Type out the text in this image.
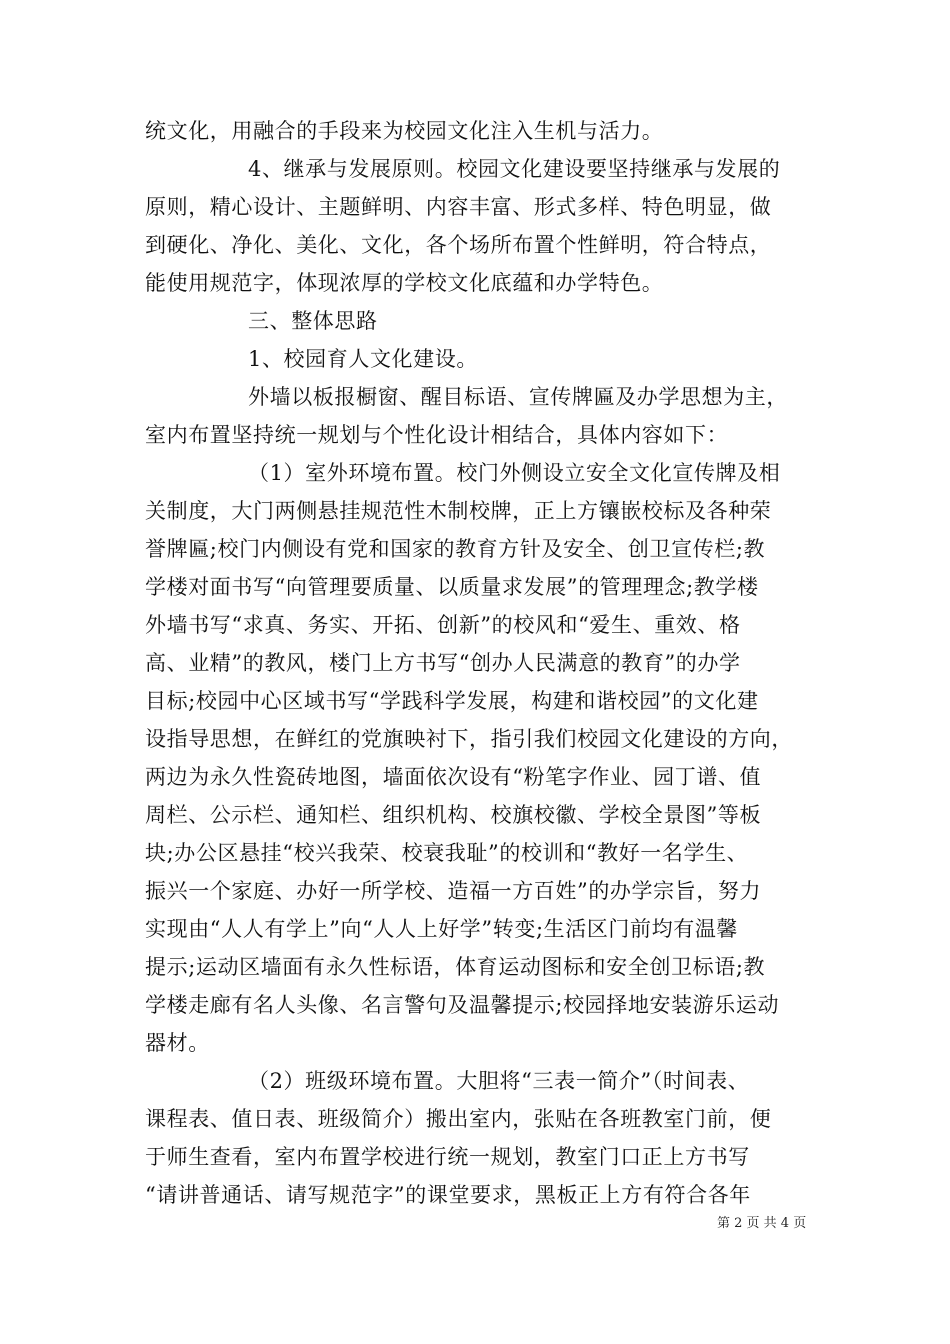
统文化，用融合的手段来为校园文化注入生机与活力。
4、继承与发展原则。校园文化建设要坚持继承与发展的
原则，精心设计、主题鲜明、内容丰富、形式多样、特色明显，做
到硬化、净化、美化、文化，各个场所布置个性鲜明，符合特点，
能使用规范字，体现浓厚的学校文化底蕴和办学特色。
三、整体思路
1、校园育人文化建设。
外墙以板报橱窗、醒目标语、宣传牌匾及办学思想为主，
室内布置坚持统一规划与个性化设计相结合，具体内容如下：
（1）室外环境布置。校门外侧设立安全文化宣传牌及相
关制度，大门两侧悬挂规范性木制校牌，正上方镶嵌校标及各种荣
誉牌匾;校门内侧设有党和国家的教育方针及安全、创卫宣传栏;教
学楼对面书写“向管理要质量、以质量求发展”的管理理念;教学楼
外墙书写“求真、务实、开拓、创新”的校风和“爱生、重效、格
高、业精”的教风，楼门上方书写“创办人民满意的教育”的办学
目标;校园中心区域书写“学践科学发展，构建和谐校园”的文化建
设指导思想，在鲜红的党旗映衬下，指引我们校园文化建设的方向，
两边为永久性瓷砖地图，墙面依次设有“粉笔字作业、园丁谱、值
周栏、公示栏、通知栏、组织机构、校旗校徽、学校全景图”等板
块;办公区悬挂“校兴我荣、校衰我耻”的校训和“教好一名学生、
振兴一个家庭、办好一所学校、造福一方百姓”的办学宗旨，努力
实现由“人人有学上”向“人人上好学”转变;生活区门前均有温馨
提示;运动区墙面有永久性标语，体育运动图标和安全创卫标语;教
学楼走廊有名人头像、名言警句及温馨提示;校园择地安装游乐运动
器材。
（2）班级环境布置。大胆将“三表一简介”（时间表、
课程表、值日表、班级简介）搬出室内，张贴在各班教室门前，便
于师生查看，室内布置学校进行统一规划，教室门口正上方书写
“请讲普通话、请写规范字”的课堂要求，黑板正上方有符合各年
第 2 页 共 4 页
